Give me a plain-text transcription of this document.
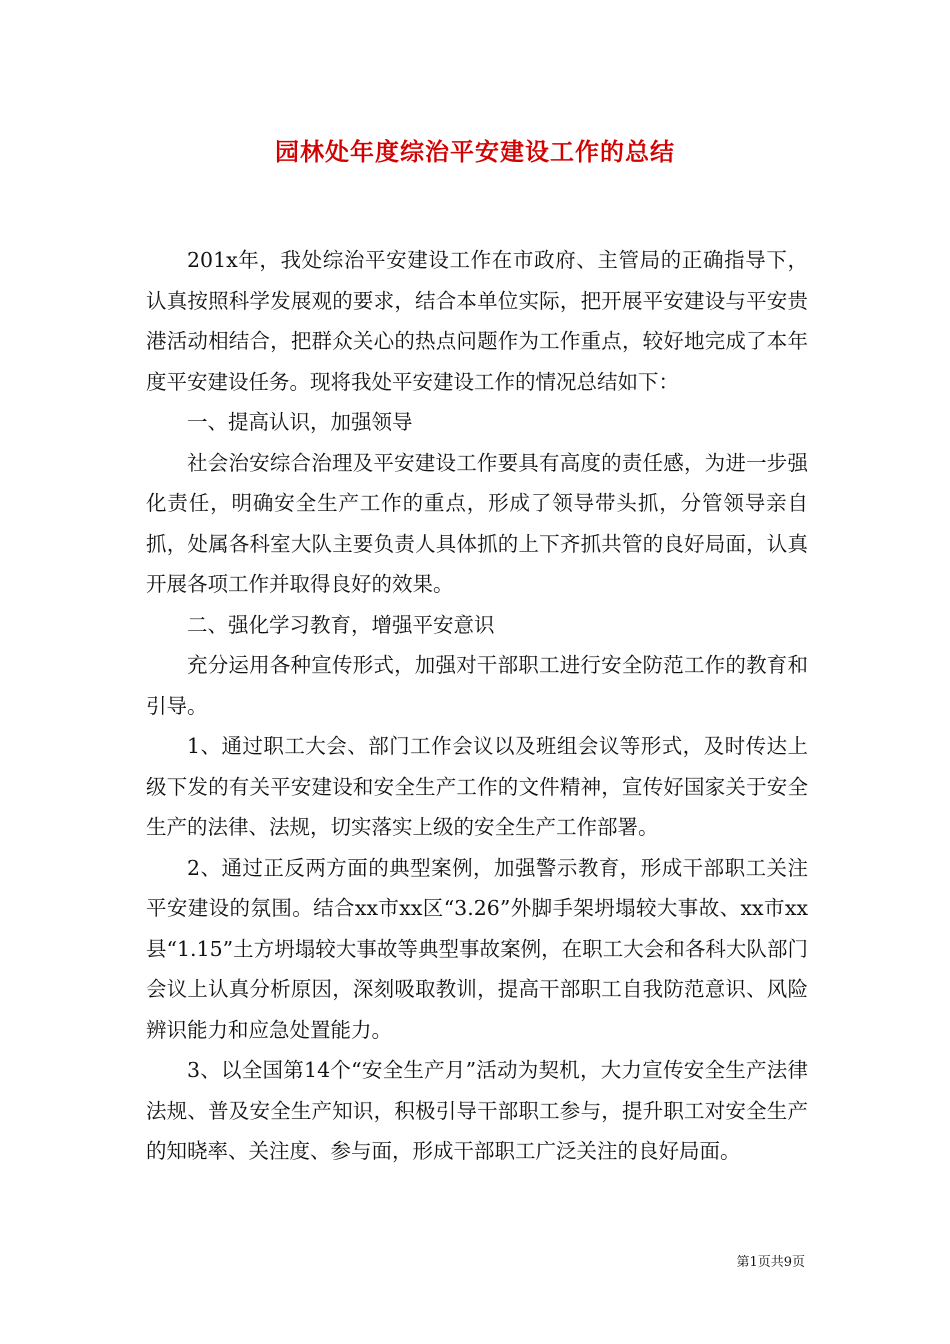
园林处年度综治平安建设工作的总结

201x年，我处综治平安建设工作在市政府、主管局的正确指导下，认真按照科学发展观的要求，结合本单位实际，把开展平安建设与平安贵港活动相结合，把群众关心的热点问题作为工作重点，较好地完成了本年度平安建设任务。现将我处平安建设工作的情况总结如下：

一、提高认识，加强领导

社会治安综合治理及平安建设工作要具有高度的责任感，为进一步强化责任，明确安全生产工作的重点，形成了领导带头抓，分管领导亲自抓，处属各科室大队主要负责人具体抓的上下齐抓共管的良好局面，认真开展各项工作并取得良好的效果。

二、强化学习教育，增强平安意识

充分运用各种宣传形式，加强对干部职工进行安全防范工作的教育和引导。

1、通过职工大会、部门工作会议以及班组会议等形式，及时传达上级下发的有关平安建设和安全生产工作的文件精神，宣传好国家关于安全生产的法律、法规，切实落实上级的安全生产工作部署。

2、通过正反两方面的典型案例，加强警示教育，形成干部职工关注平安建设的氛围。结合xx市xx区“3.26”外脚手架坍塌较大事故、xx市xx县“1.15”土方坍塌较大事故等典型事故案例，在职工大会和各科大队部门会议上认真分析原因，深刻吸取教训，提高干部职工自我防范意识、风险辨识能力和应急处置能力。

3、以全国第14个“安全生产月”活动为契机，大力宣传安全生产法律法规、普及安全生产知识，积极引导干部职工参与，提升职工对安全生产的知晓率、关注度、参与面，形成干部职工广泛关注的良好局面。

第1页共9页
